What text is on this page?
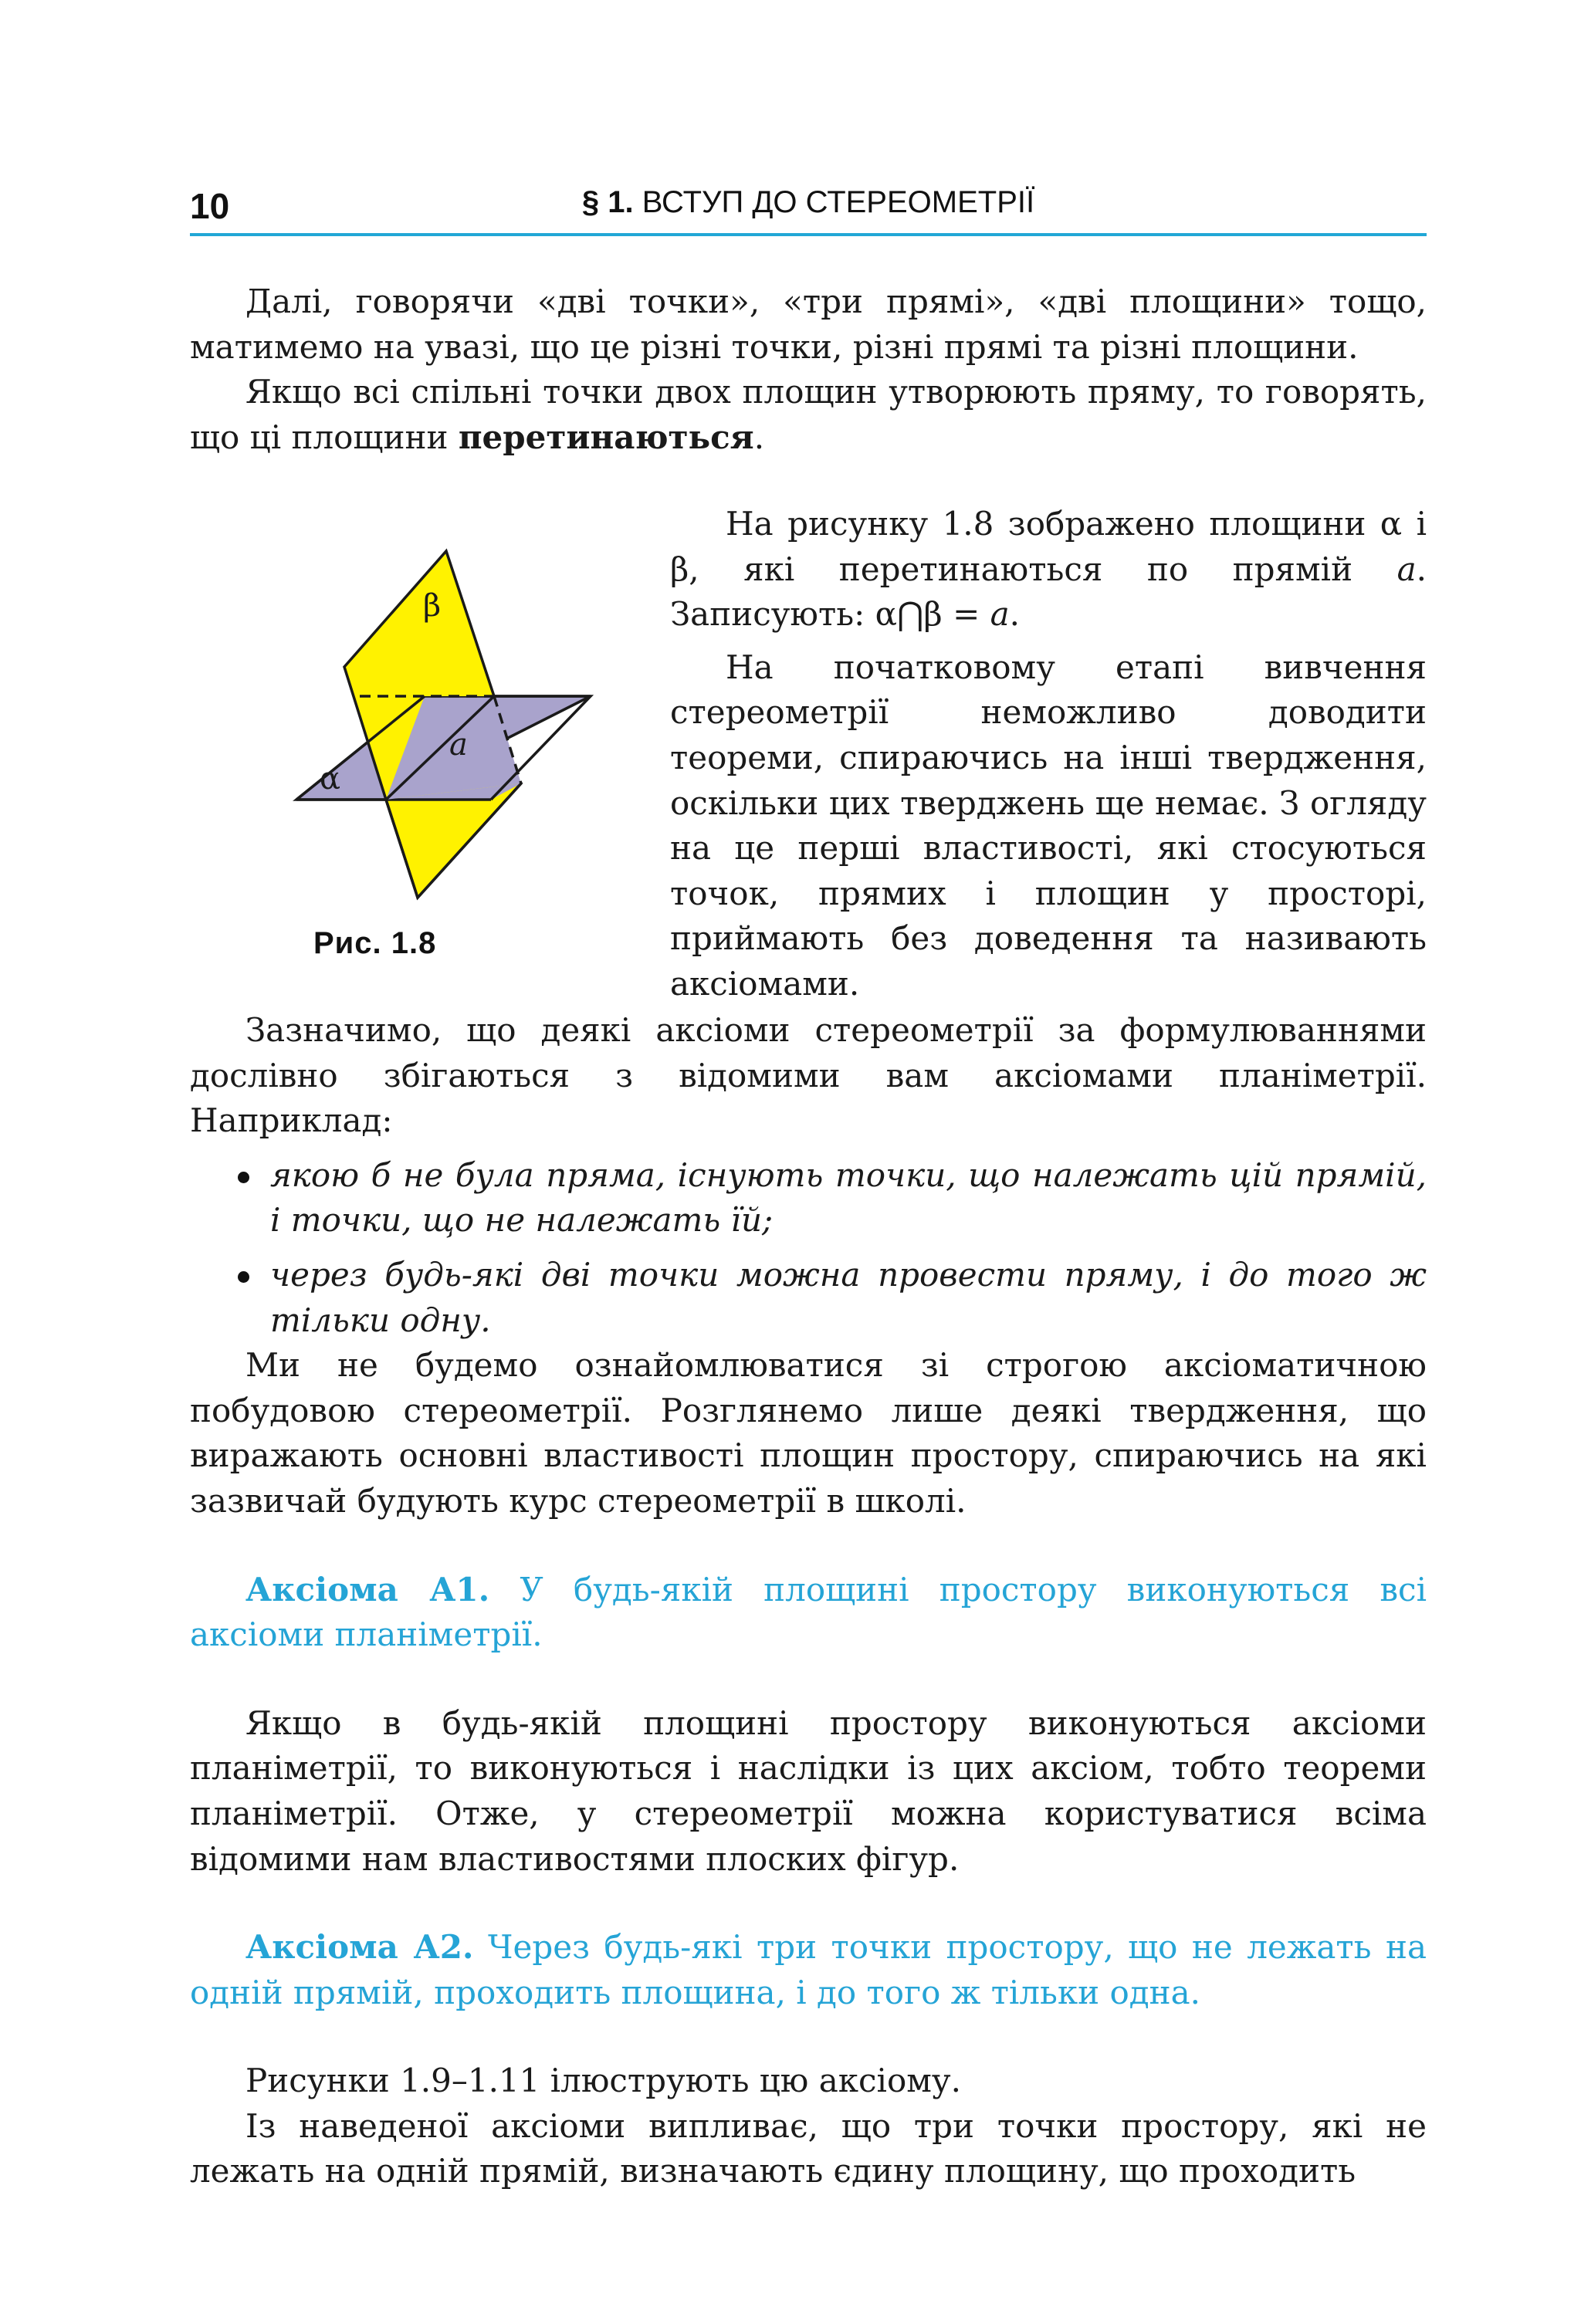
10	§ 1. ВСТУП ДО СТЕРЕОМЕТРІЇ

Далі, говорячи «дві точки», «три прямі», «дві площини» тощо, матимемо на увазі, що це різні точки, різні прямі та різні площини.

Якщо всі спільні точки двох площин утворюють пряму, то говорять, що ці площини перетинаються.

β
α
a
Рис. 1.8

На рисунку 1.8 зображено площини α і β, які перетинаються по прямій a. Записують: α⋂β = a.

На початковому етапі вивчення стереометрії неможливо доводити теореми, спираючись на інші твердження, оскільки цих тверджень ще немає. З огляду на це перші властивості, які стосуються точок, прямих і площин у просторі, приймають без доведення та називають аксіомами.

Зазначимо, що деякі аксіоми стереометрії за формулюваннями дослівно збігаються з відомими вам аксіомами планіметрії. Наприклад:

якою б не була пряма, існують точки, що належать цій прямій, і точки, що не належать їй;
через будь-які дві точки можна провести пряму, і до того ж тільки одну.

Ми не будемо ознайомлюватися зі строгою аксіоматичною побудовою стереометрії. Розглянемо лише деякі твердження, що виражають основні властивості площин простору, спираючись на які зазвичай будують курс стереометрії в школі.

Аксіома А1. У будь-якій площині простору виконуються всі аксіоми планіметрії.

Якщо в будь-якій площині простору виконуються аксіоми планіметрії, то виконуються і наслідки із цих аксіом, тобто теореми планіметрії. Отже, у стереометрії можна користуватися всіма відомими нам властивостями плоских фігур.

Аксіома А2. Через будь-які три точки простору, що не лежать на одній прямій, проходить площина, і до того ж тільки одна.

Рисунки 1.9–1.11 ілюструють цю аксіому.

Із наведеної аксіоми випливає, що три точки простору, які не лежать на одній прямій, визначають єдину площину, що проходить
